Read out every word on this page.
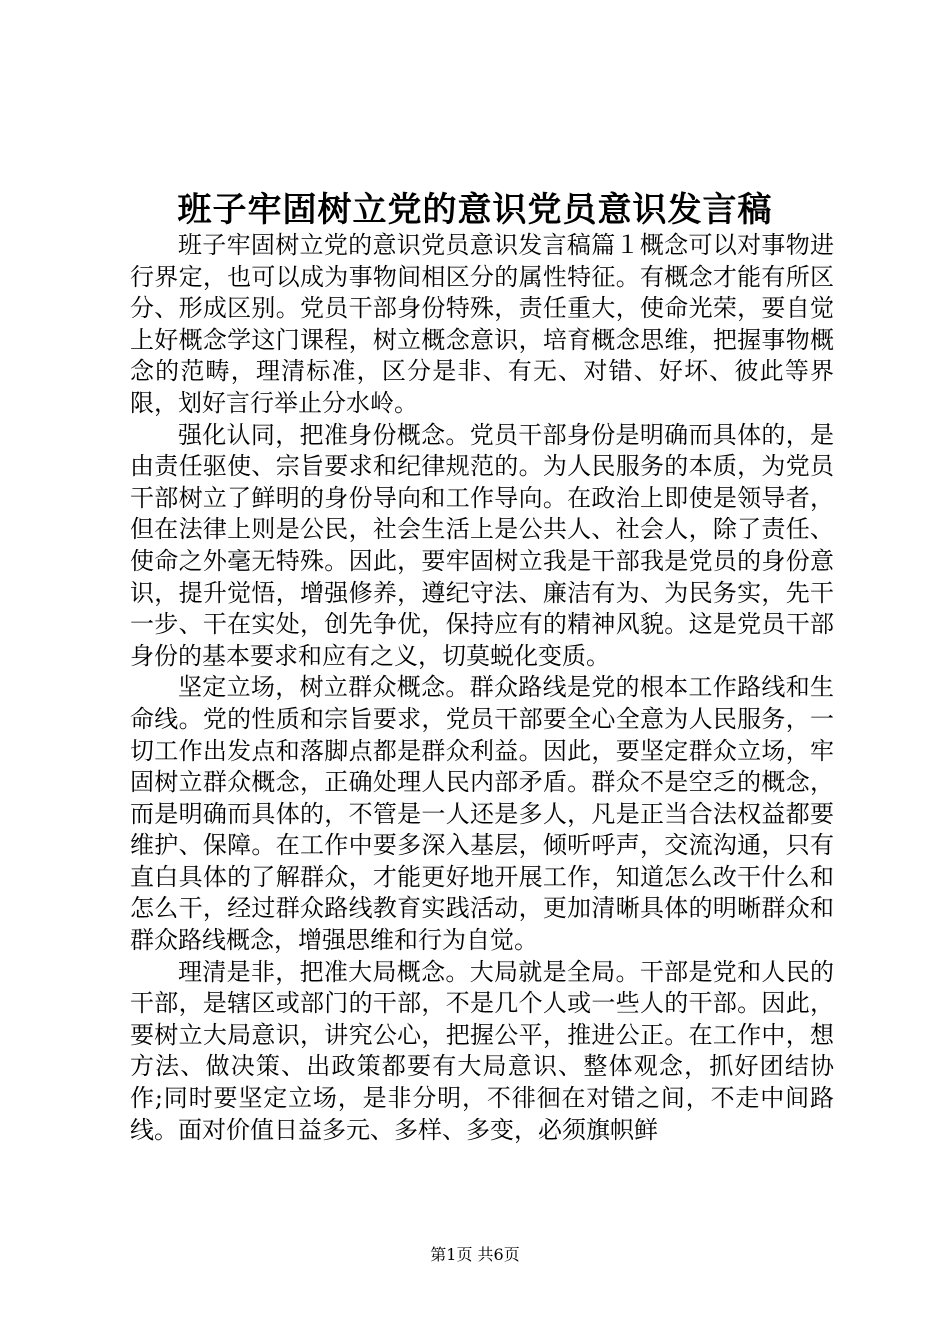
班子牢固树立党的意识党员意识发言稿

班子牢固树立党的意识党员意识发言稿篇１概念可以对事物进行界定，也可以成为事物间相区分的属性特征。有概念才能有所区分、形成区别。党员干部身份特殊，责任重大，使命光荣，要自觉上好概念学这门课程，树立概念意识，培育概念思维，把握事物概念的范畴，理清标准，区分是非、有无、对错、好坏、彼此等界限，划好言行举止分水岭。

强化认同，把准身份概念。党员干部身份是明确而具体的，是由责任驱使、宗旨要求和纪律规范的。为人民服务的本质，为党员干部树立了鲜明的身份导向和工作导向。在政治上即使是领导者，但在法律上则是公民，社会生活上是公共人、社会人，除了责任、使命之外毫无特殊。因此，要牢固树立我是干部我是党员的身份意识，提升觉悟，增强修养，遵纪守法、廉洁有为、为民务实，先干一步、干在实处，创先争优，保持应有的精神风貌。这是党员干部身份的基本要求和应有之义，切莫蜕化变质。

坚定立场，树立群众概念。群众路线是党的根本工作路线和生命线。党的性质和宗旨要求，党员干部要全心全意为人民服务，一切工作出发点和落脚点都是群众利益。因此，要坚定群众立场，牢固树立群众概念，正确处理人民内部矛盾。群众不是空乏的概念，而是明确而具体的，不管是一人还是多人，凡是正当合法权益都要维护、保障。在工作中要多深入基层，倾听呼声，交流沟通，只有直白具体的了解群众，才能更好地开展工作，知道怎么改干什么和怎么干，经过群众路线教育实践活动，更加清晰具体的明晰群众和群众路线概念，增强思维和行为自觉。

理清是非，把准大局概念。大局就是全局。干部是党和人民的干部，是辖区或部门的干部，不是几个人或一些人的干部。因此，要树立大局意识，讲究公心，把握公平，推进公正。在工作中，想方法、做决策、出政策都要有大局意识、整体观念，抓好团结协作;同时要坚定立场，是非分明，不徘徊在对错之间，不走中间路线。面对价值日益多元、多样、多变，必须旗帜鲜

第1页 共6页
